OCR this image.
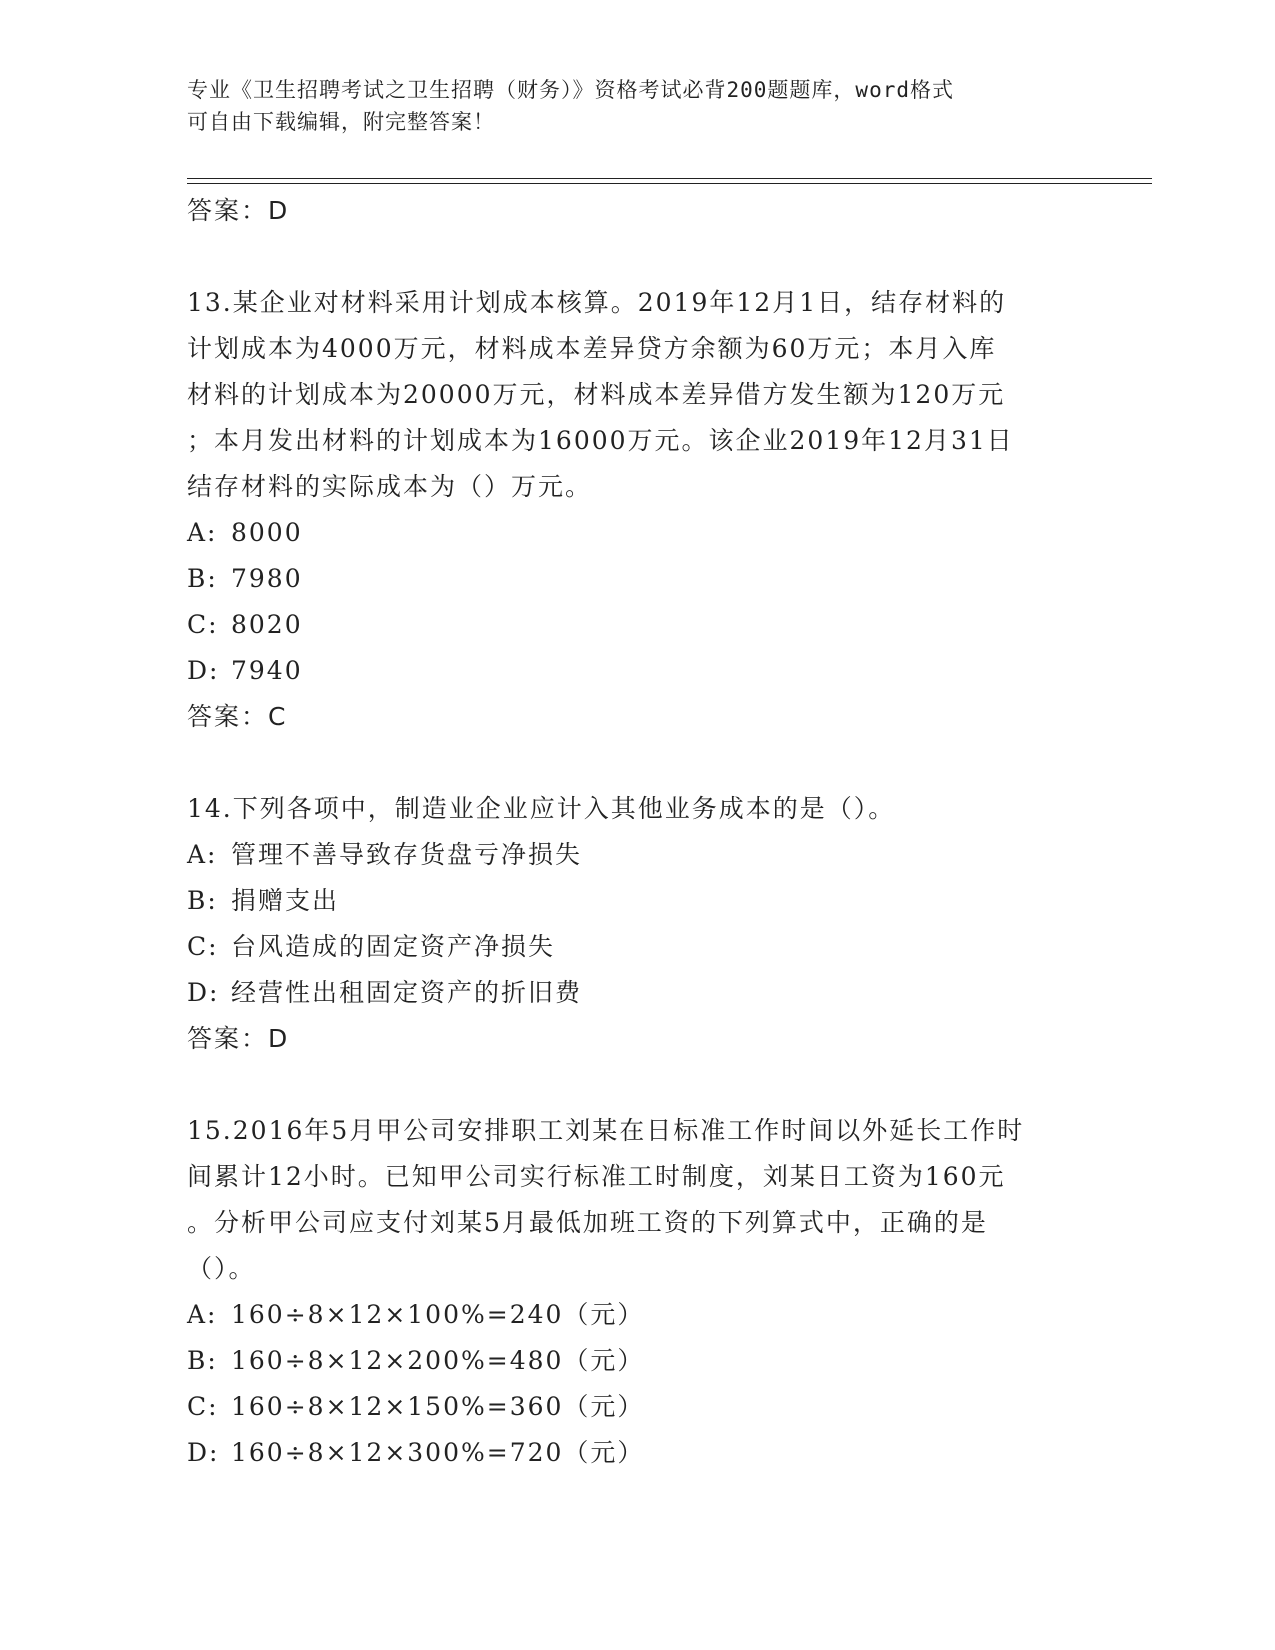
专业《卫生招聘考试之卫生招聘（财务）》资格考试必背200题题库，word格式
可自由下载编辑，附完整答案！
答案：D
13.某企业对材料采用计划成本核算。2019年12月1日，结存材料的
计划成本为4000万元，材料成本差异贷方余额为60万元；本月入库
材料的计划成本为20000万元，材料成本差异借方发生额为120万元
；本月发出材料的计划成本为16000万元。该企业2019年12月31日
结存材料的实际成本为（）万元。
A: 8000
B: 7980
C: 8020
D: 7940
答案：C
14.下列各项中，制造业企业应计入其他业务成本的是（）。
A: 管理不善导致存货盘亏净损失
B: 捐赠支出
C: 台风造成的固定资产净损失
D: 经营性出租固定资产的折旧费
答案：D
15.2016年5月甲公司安排职工刘某在日标准工作时间以外延长工作时
间累计12小时。已知甲公司实行标准工时制度，刘某日工资为160元
。分析甲公司应支付刘某5月最低加班工资的下列算式中，正确的是
（）。
A: 160÷8×12×100%=240（元）
B: 160÷8×12×200%=480（元）
C: 160÷8×12×150%=360（元）
D: 160÷8×12×300%=720（元）
